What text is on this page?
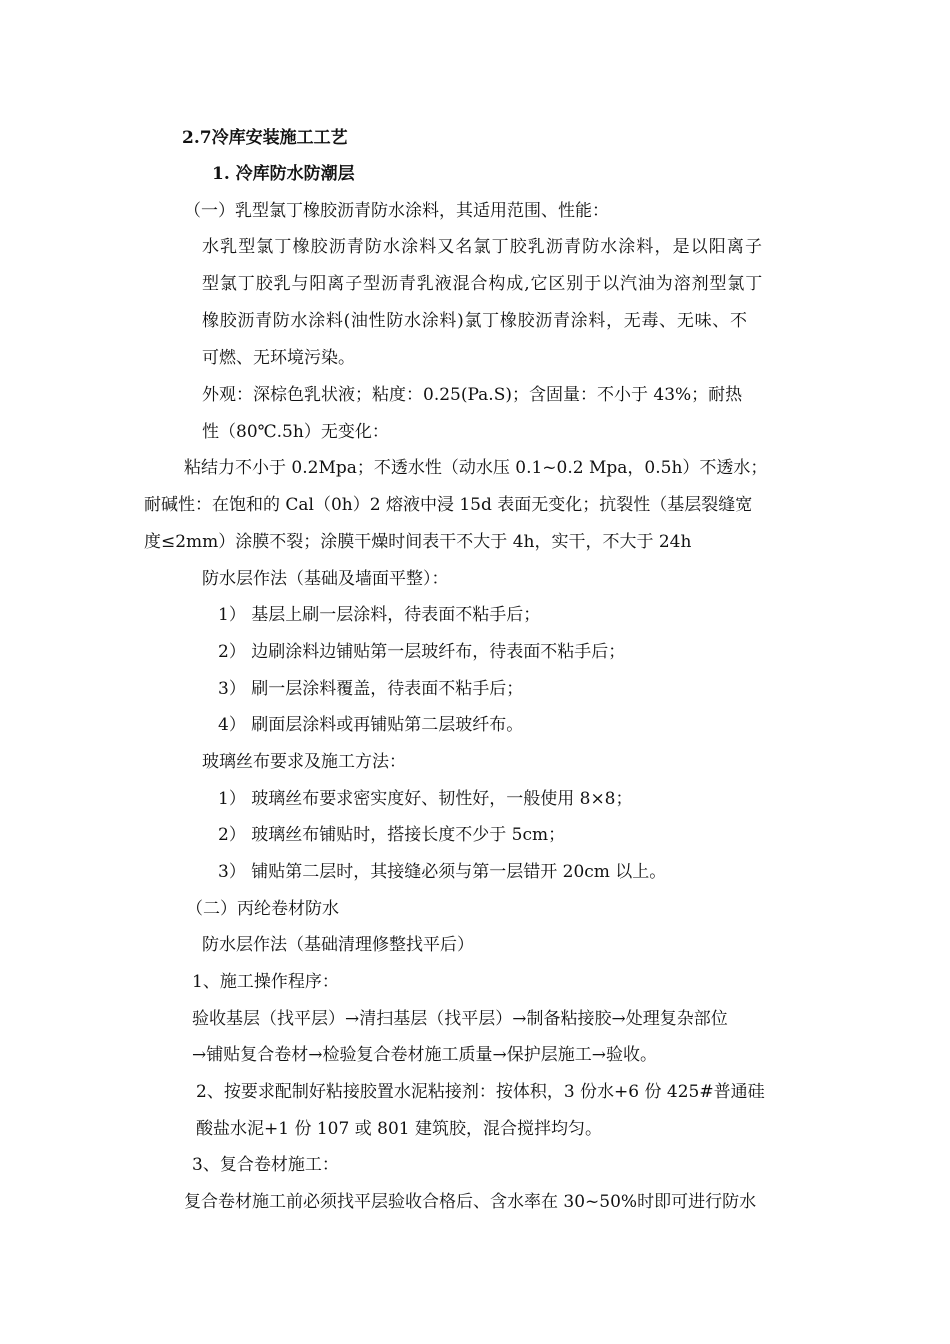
2.7冷库安装施工工艺
1. 冷库防水防潮层
（一）乳型氯丁橡胶沥青防水涂料，其适用范围、性能：
水乳型氯丁橡胶沥青防水涂料又名氯丁胶乳沥青防水涂料，是以阳离子
型氯丁胶乳与阳离子型沥青乳液混合构成,它区别于以汽油为溶剂型氯丁
橡胶沥青防水涂料(油性防水涂料)氯丁橡胶沥青涂料，无毒、无味、不
可燃、无环境污染。
外观：深棕色乳状液；粘度：0.25(Pa.S)；含固量：不小于 43%；耐热
性（80℃.5h）无变化：
粘结力不小于 0.2Mpa；不透水性（动水压 0.1~0.2 Mpa，0.5h）不透水；
耐碱性：在饱和的 Cal（0h）2 熔液中浸 15d 表面无变化；抗裂性（基层裂缝宽
度≤2mm）涂膜不裂；涂膜干燥时间表干不大于 4h，实干，不大于 24h
防水层作法（基础及墙面平整）：
1） 基层上刷一层涂料，待表面不粘手后；
2） 边刷涂料边铺贴第一层玻纤布，待表面不粘手后；
3） 刷一层涂料覆盖，待表面不粘手后；
4） 刷面层涂料或再铺贴第二层玻纤布。
玻璃丝布要求及施工方法：
1） 玻璃丝布要求密实度好、韧性好，一般使用 8×8；
2） 玻璃丝布铺贴时，搭接长度不少于 5cm；
3） 铺贴第二层时，其接缝必须与第一层错开 20cm 以上。
（二）丙纶卷材防水
防水层作法（基础清理修整找平后）
1、施工操作程序：
验收基层（找平层）→清扫基层（找平层）→制备粘接胶→处理复杂部位
→铺贴复合卷材→检验复合卷材施工质量→保护层施工→验收。
2、按要求配制好粘接胶置水泥粘接剂：按体积，3 份水+6 份 425#普通硅
酸盐水泥+1 份 107 或 801 建筑胶，混合搅拌均匀。
3、复合卷材施工：
复合卷材施工前必须找平层验收合格后、含水率在 30~50%时即可进行防水
